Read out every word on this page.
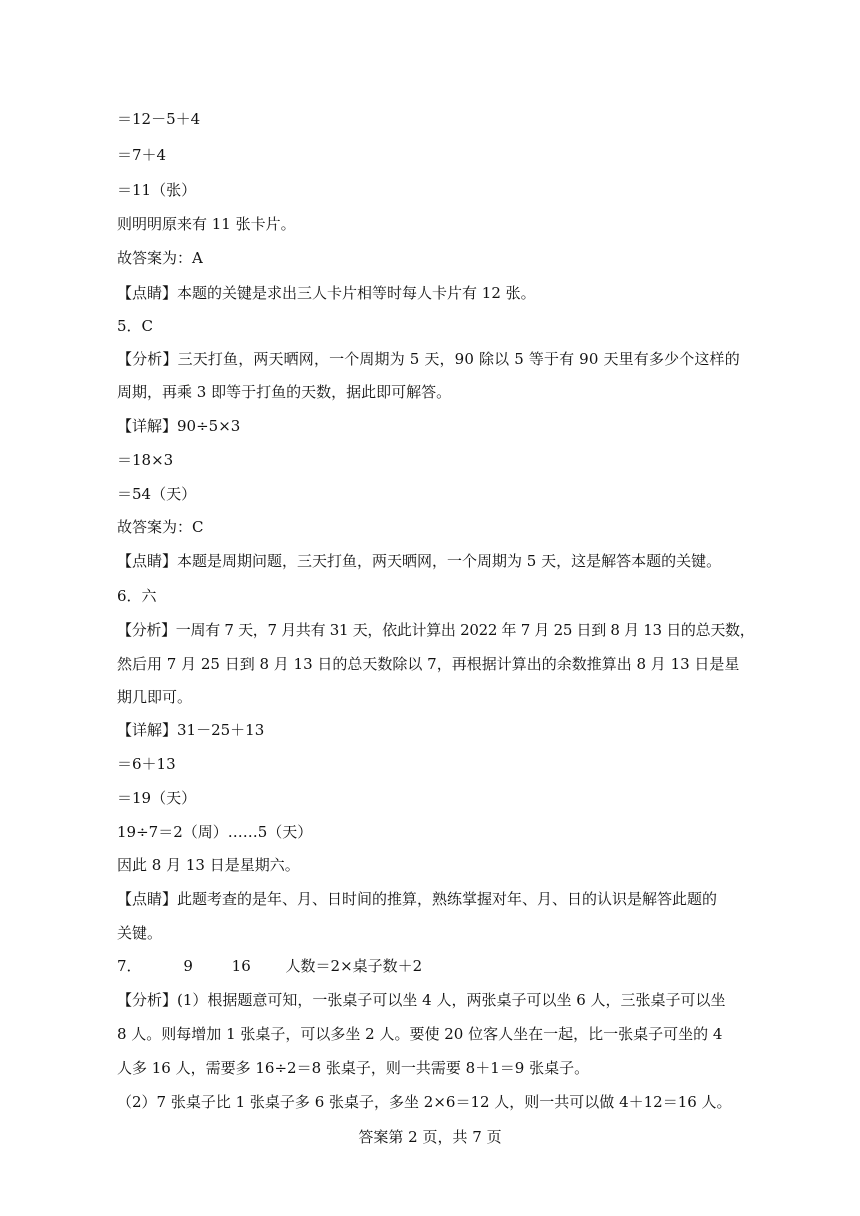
＝12－5＋4
＝7＋4
＝11（张）
则明明原来有 11 张卡片。
故答案为：A
【点睛】本题的关键是求出三人卡片相等时每人卡片有 12 张。
5．C
【分析】三天打鱼，两天晒网，一个周期为 5 天，90 除以 5 等于有 90 天里有多少个这样的
周期，再乘 3 即等于打鱼的天数，据此即可解答。
【详解】90÷5×3
＝18×3
＝54（天）
故答案为：C
【点睛】本题是周期问题，三天打鱼，两天晒网，一个周期为 5 天，这是解答本题的关键。
6．六
【分析】一周有 7 天，7 月共有 31 天，依此计算出 2022 年 7 月 25 日到 8 月 13 日的总天数，
然后用 7 月 25 日到 8 月 13 日的总天数除以 7，再根据计算出的余数推算出 8 月 13 日是星
期几即可。
【详解】31－25＋13
＝6＋13
＝19（天）
19÷7＝2（周）……5（天）
因此 8 月 13 日是星期六。
【点睛】此题考查的是年、月、日时间的推算，熟练掌握对年、月、日的认识是解答此题的
关键。
7．	9	16 人数＝2×桌子数＋2
【分析】(1）根据题意可知，一张桌子可以坐 4 人，两张桌子可以坐 6 人，三张桌子可以坐
8 人。则每增加 1 张桌子，可以多坐 2 人。要使 20 位客人坐在一起，比一张桌子可坐的 4
人多 16 人，需要多 16÷2＝8 张桌子，则一共需要 8＋1＝9 张桌子。
（2）7 张桌子比 1 张桌子多 6 张桌子，多坐 2×6＝12 人，则一共可以做 4＋12＝16 人。
答案第 2 页，共 7 页
